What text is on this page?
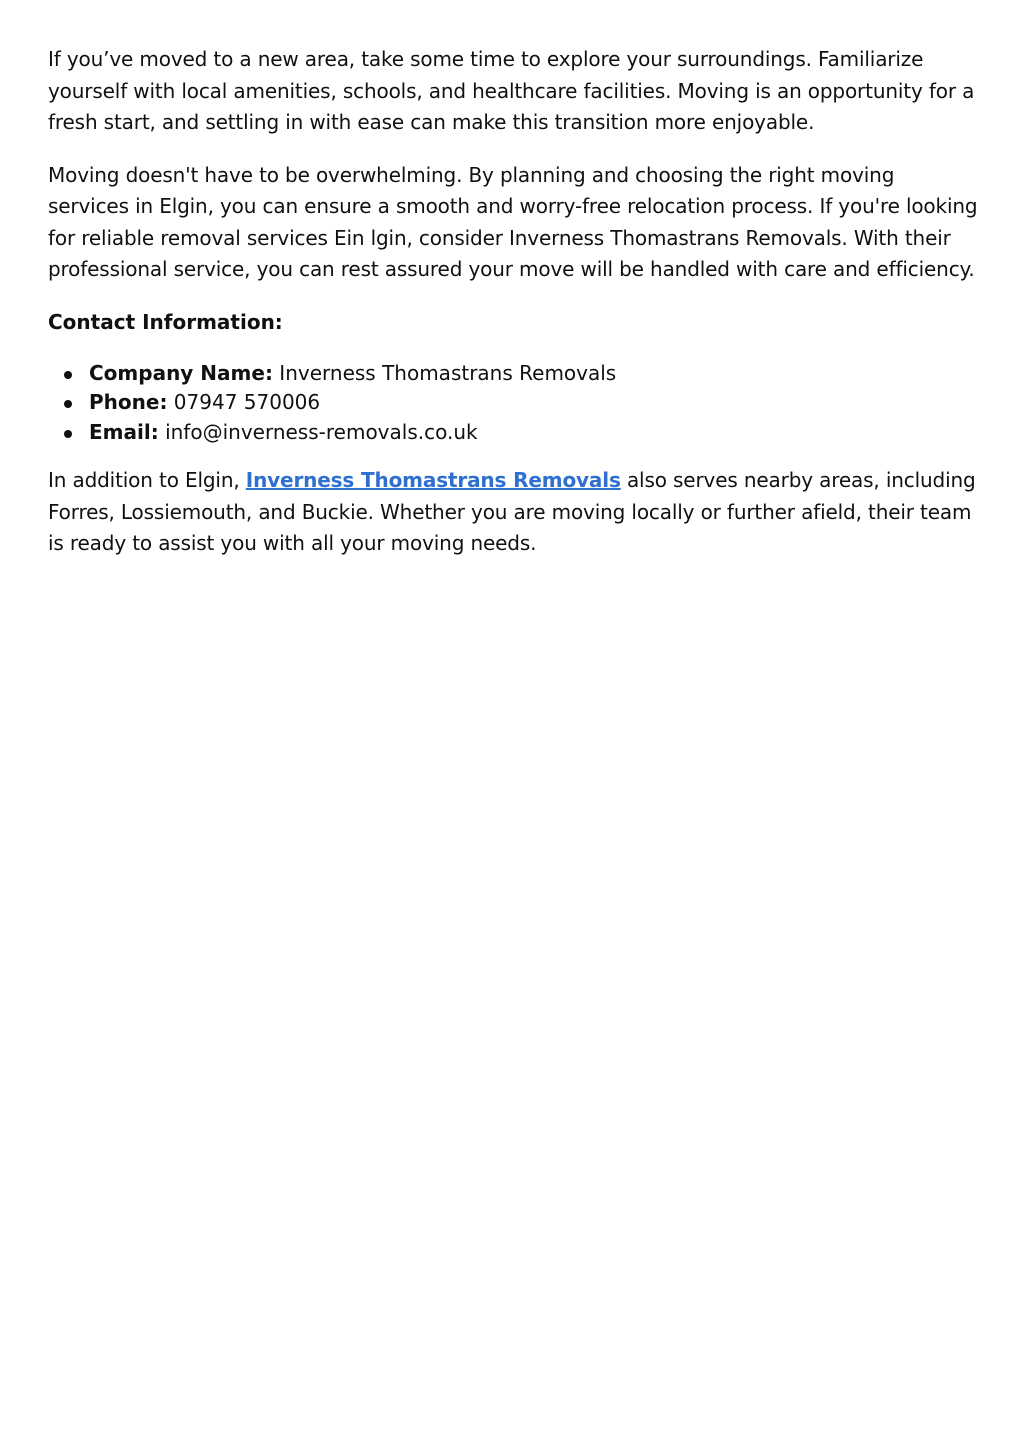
If you’ve moved to a new area, take some time to explore your surroundings. Familiarize yourself with local amenities, schools, and healthcare facilities. Moving is an opportunity for a fresh start, and settling in with ease can make this transition more enjoyable.

Moving doesn't have to be overwhelming. By planning and choosing the right moving services in Elgin, you can ensure a smooth and worry-free relocation process. If you're looking for reliable removal services Ein lgin, consider Inverness Thomastrans Removals. With their professional service, you can rest assured your move will be handled with care and efficiency.

Contact Information:
Company Name: Inverness Thomastrans Removals
Phone: 07947 570006
Email: info@inverness-removals.co.uk

In addition to Elgin, Inverness Thomastrans Removals also serves nearby areas, including Forres, Lossiemouth, and Buckie. Whether you are moving locally or further afield, their team is ready to assist you with all your moving needs.
